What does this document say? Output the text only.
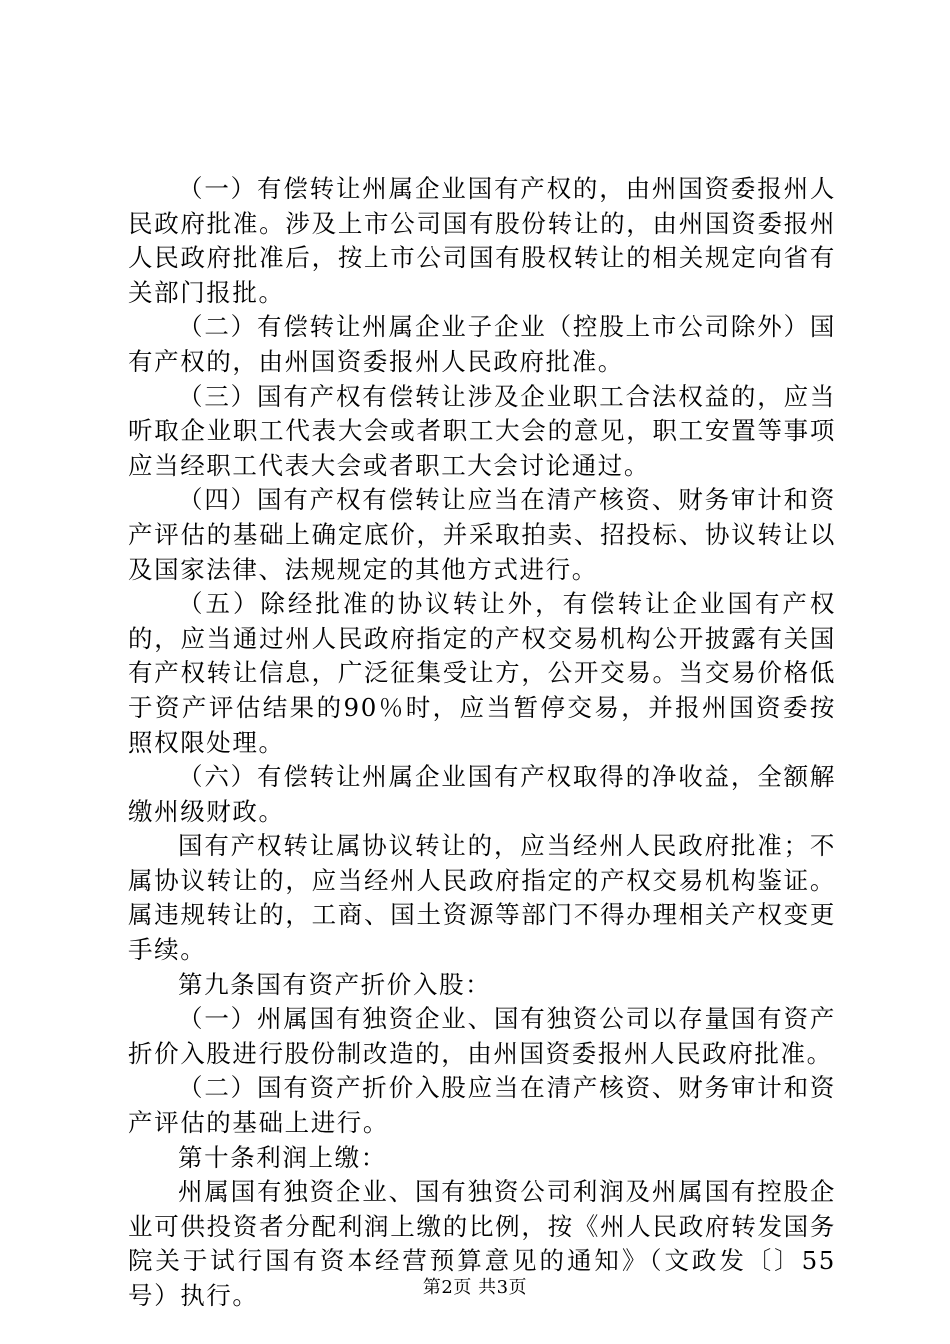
（一）有偿转让州属企业国有产权的，由州国资委报州人民政府批准。涉及上市公司国有股份转让的，由州国资委报州人民政府批准后，按上市公司国有股权转让的相关规定向省有关部门报批。

（二）有偿转让州属企业子企业（控股上市公司除外）国有产权的，由州国资委报州人民政府批准。

（三）国有产权有偿转让涉及企业职工合法权益的，应当听取企业职工代表大会或者职工大会的意见，职工安置等事项应当经职工代表大会或者职工大会讨论通过。

（四）国有产权有偿转让应当在清产核资、财务审计和资产评估的基础上确定底价，并采取拍卖、招投标、协议转让以及国家法律、法规规定的其他方式进行。

（五）除经批准的协议转让外，有偿转让企业国有产权的，应当通过州人民政府指定的产权交易机构公开披露有关国有产权转让信息，广泛征集受让方，公开交易。当交易价格低于资产评估结果的90％时，应当暂停交易，并报州国资委按照权限处理。

（六）有偿转让州属企业国有产权取得的净收益，全额解缴州级财政。

国有产权转让属协议转让的，应当经州人民政府批准；不属协议转让的，应当经州人民政府指定的产权交易机构鉴证。属违规转让的，工商、国土资源等部门不得办理相关产权变更手续。

第九条国有资产折价入股：

（一）州属国有独资企业、国有独资公司以存量国有资产折价入股进行股份制改造的，由州国资委报州人民政府批准。

（二）国有资产折价入股应当在清产核资、财务审计和资产评估的基础上进行。

第十条利润上缴：

州属国有独资企业、国有独资公司利润及州属国有控股企业可供投资者分配利润上缴的比例，按《州人民政府转发国务院关于试行国有资本经营预算意见的通知》（文政发〔〕55号）执行。	第2页 共3页
